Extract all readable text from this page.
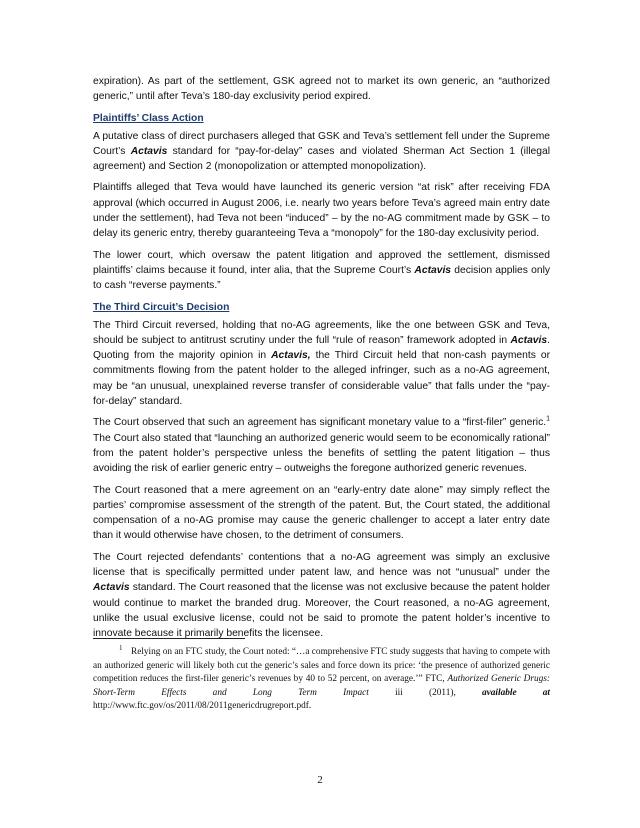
expiration). As part of the settlement, GSK agreed not to market its own generic, an “authorized generic,” until after Teva’s 180-day exclusivity period expired.

Plaintiffs’ Class Action

A putative class of direct purchasers alleged that GSK and Teva’s settlement fell under the Supreme Court’s Actavis standard for “pay-for-delay” cases and violated Sherman Act Section 1 (illegal agreement) and Section 2 (monopolization or attempted monopolization).

Plaintiffs alleged that Teva would have launched its generic version “at risk” after receiving FDA approval (which occurred in August 2006, i.e. nearly two years before Teva’s agreed main entry date under the settlement), had Teva not been “induced” – by the no-AG commitment made by GSK – to delay its generic entry, thereby guaranteeing Teva a “monopoly” for the 180-day exclusivity period.

The lower court, which oversaw the patent litigation and approved the settlement, dismissed plaintiffs’ claims because it found, inter alia, that the Supreme Court’s Actavis decision applies only to cash “reverse payments.”

The Third Circuit’s Decision

The Third Circuit reversed, holding that no-AG agreements, like the one between GSK and Teva, should be subject to antitrust scrutiny under the full “rule of reason” framework adopted in Actavis. Quoting from the majority opinion in Actavis, the Third Circuit held that non-cash payments or commitments flowing from the patent holder to the alleged infringer, such as a no-AG agreement, may be “an unusual, unexplained reverse transfer of considerable value” that falls under the “pay-for-delay” standard.

The Court observed that such an agreement has significant monetary value to a “first-filer” generic.$^1$ The Court also stated that “launching an authorized generic would seem to be economically rational” from the patent holder’s perspective unless the benefits of settling the patent litigation – thus avoiding the risk of earlier generic entry – outweighs the foregone authorized generic revenues.

The Court reasoned that a mere agreement on an “early-entry date alone” may simply reflect the parties’ compromise assessment of the strength of the patent. But, the Court stated, the additional compensation of a no-AG promise may cause the generic challenger to accept a later entry date than it would otherwise have chosen, to the detriment of consumers.

The Court rejected defendants’ contentions that a no-AG agreement was simply an exclusive license that is specifically permitted under patent law, and hence was not “unusual” under the Actavis standard. The Court reasoned that the license was not exclusive because the patent holder would continue to market the branded drug. Moreover, the Court reasoned, a no-AG agreement, unlike the usual exclusive license, could not be said to promote the patent holder’s incentive to innovate because it primarily benefits the licensee.

1 Relying on an FTC study, the Court noted: “…a comprehensive FTC study suggests that having to compete with an authorized generic will likely both cut the generic’s sales and force down its price: ‘the presence of authorized generic competition reduces the first-filer generic’s revenues by 40 to 52 percent, on average.’” FTC, Authorized Generic Drugs: Short-Term Effects and Long Term Impact iii (2011), available at http://www.ftc.gov/os/2011/08/2011genericdrugreport.pdf.
2
